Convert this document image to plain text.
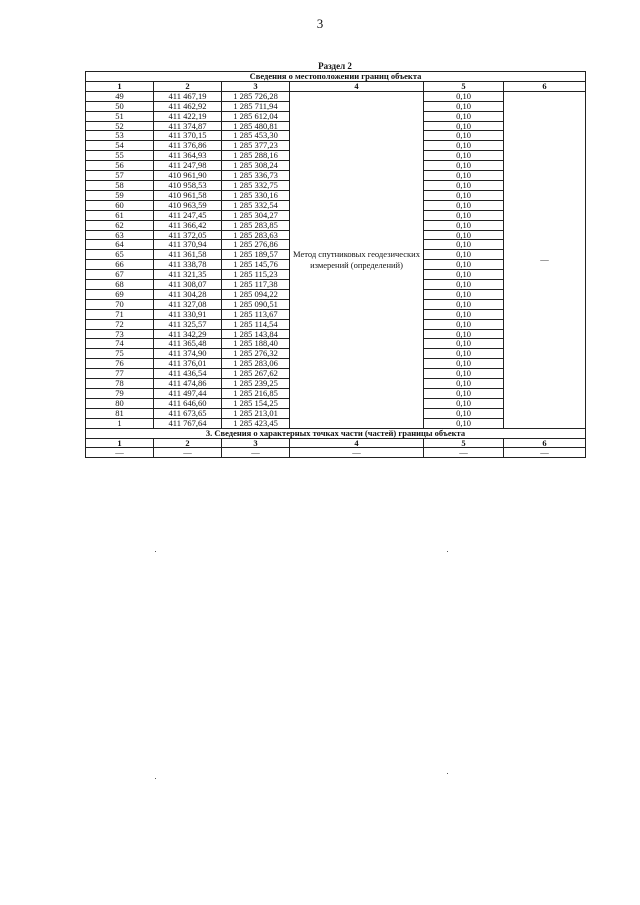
3
Раздел 2
Сведения о местоположении границ объекта					
1	2	3	4	5	6
49	411 467,19	1 285 726,28	Метод спутниковых геодезических измерений (определений)	0,10	—
50	411 462,92	1 285 711,94		0,10	
51	411 422,19	1 285 612,04		0,10	
52	411 374,87	1 285 480,81		0,10	
53	411 370,15	1 285 453,30		0,10	
54	411 376,86	1 285 377,23		0,10	
55	411 364,93	1 285 288,16		0,10	
56	411 247,98	1 285 308,24		0,10	
57	410 961,90	1 285 336,73		0,10	
58	410 958,53	1 285 332,75		0,10	
59	410 961,58	1 285 330,16		0,10	
60	410 963,59	1 285 332,54		0,10	
61	411 247,45	1 285 304,27		0,10	
62	411 366,42	1 285 283,85		0,10	
63	411 372,05	1 285 283,63		0,10	
64	411 370,94	1 285 276,86		0,10	
65	411 361,58	1 285 189,57		0,10	
66	411 338,78	1 285 145,76		0,10	
67	411 321,35	1 285 115,23		0,10	
68	411 308,07	1 285 117,38		0,10	
69	411 304,28	1 285 094,22		0,10	
70	411 327,08	1 285 090,51		0,10	
71	411 330,91	1 285 113,67		0,10	
72	411 325,57	1 285 114,54		0,10	
73	411 342,29	1 285 143,84		0,10	
74	411 365,48	1 285 188,40		0,10	
75	411 374,90	1 285 276,32		0,10	
76	411 376,01	1 285 283,06		0,10	
77	411 436,54	1 285 267,62		0,10	
78	411 474,86	1 285 239,25		0,10	
79	411 497,44	1 285 216,85		0,10	
80	411 646,60	1 285 154,25		0,10	
81	411 673,65	1 285 213,01		0,10	
1	411 767,64	1 285 423,45		0,10	
3. Сведения о характерных точках части (частей) границы объекта					
1	2	3	4	5	6
—	—	—	—	—	—
